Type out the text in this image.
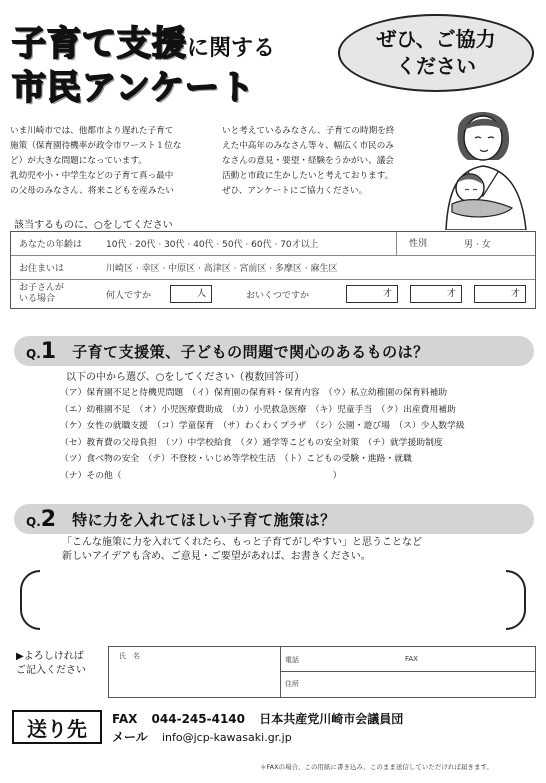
子育て支援に関する
市民アンケート
ぜひ、ご協力
ください

いま川崎市では、他都市より遅れた子育て

施策（保育園待機率が政令市ワースト１位な

ど）が大きな問題になっています。

乳幼児や小・中学生などの子育て真っ最中

の父母のみなさん、将来こどもを産みたい

いと考えているみなさん、子育ての時期を終

えた中高年のみなさん等々、幅広く市民のみ

なさんの意見・要望・経験をうかがい、議会

活動と市政に生かしたいと考えております。

ぜひ、アンケートにご協力ください。

該当するものに、○をしてください
あなたの年齢は	10代 · 20代 · 30代 · 40代 · 50代 · 60代 · 70才以上	性別	男 · 女
お住まいは	川崎区 · 幸区 · 中原区 · 高津区 · 宮前区 · 多摩区 · 麻生区
お子さんが
いる場合	何人ですか	人	おいくつですか	才	才	才
Q.1 子育て支援策、子どもの問題で関心のあるものは？
以下の中から選び、○をしてください（複数回答可）
（ア）保育園不足と待機児問題　（イ）保育園の保育料・保育内容　（ウ）私立幼稚園の保育料補助
（エ）幼稚園不足　（オ）小児医療費助成　（カ）小児救急医療　（キ）児童手当　（ク）出産費用補助
（ケ）女性の就職支援　（コ）学童保育　（サ）わくわくプラザ　（シ）公園・遊び場　（ス）少人数学級
（セ）教育費の父母負担　（ソ）中学校給食　（タ）通学等こどもの安全対策　（チ）就学援助制度
（ツ）食べ物の安全　（テ）不登校・いじめ等学校生活　（ト）こどもの受験・進路・就職
（ナ）その他（　　　　　　　　　　　　　　　　　　　　　　　　）
Q.2 特に力を入れてほしい子育て施策は？
「こんな施策に力を入れてくれたら、もっと子育てがしやすい」と思うことなど
新しいアイデアも含め、ご意見・ご要望があれば、お書きください。
▶よろしければ
ご記入ください
氏　名	電話	FAX
住所
送り先	FAX 044-245-4140 日本共産党川崎市会議員団
メール info@jcp-kawasaki.gr.jp
＊FAXの場合、この用紙に書き込み、このまま送信していただければ届きます。
